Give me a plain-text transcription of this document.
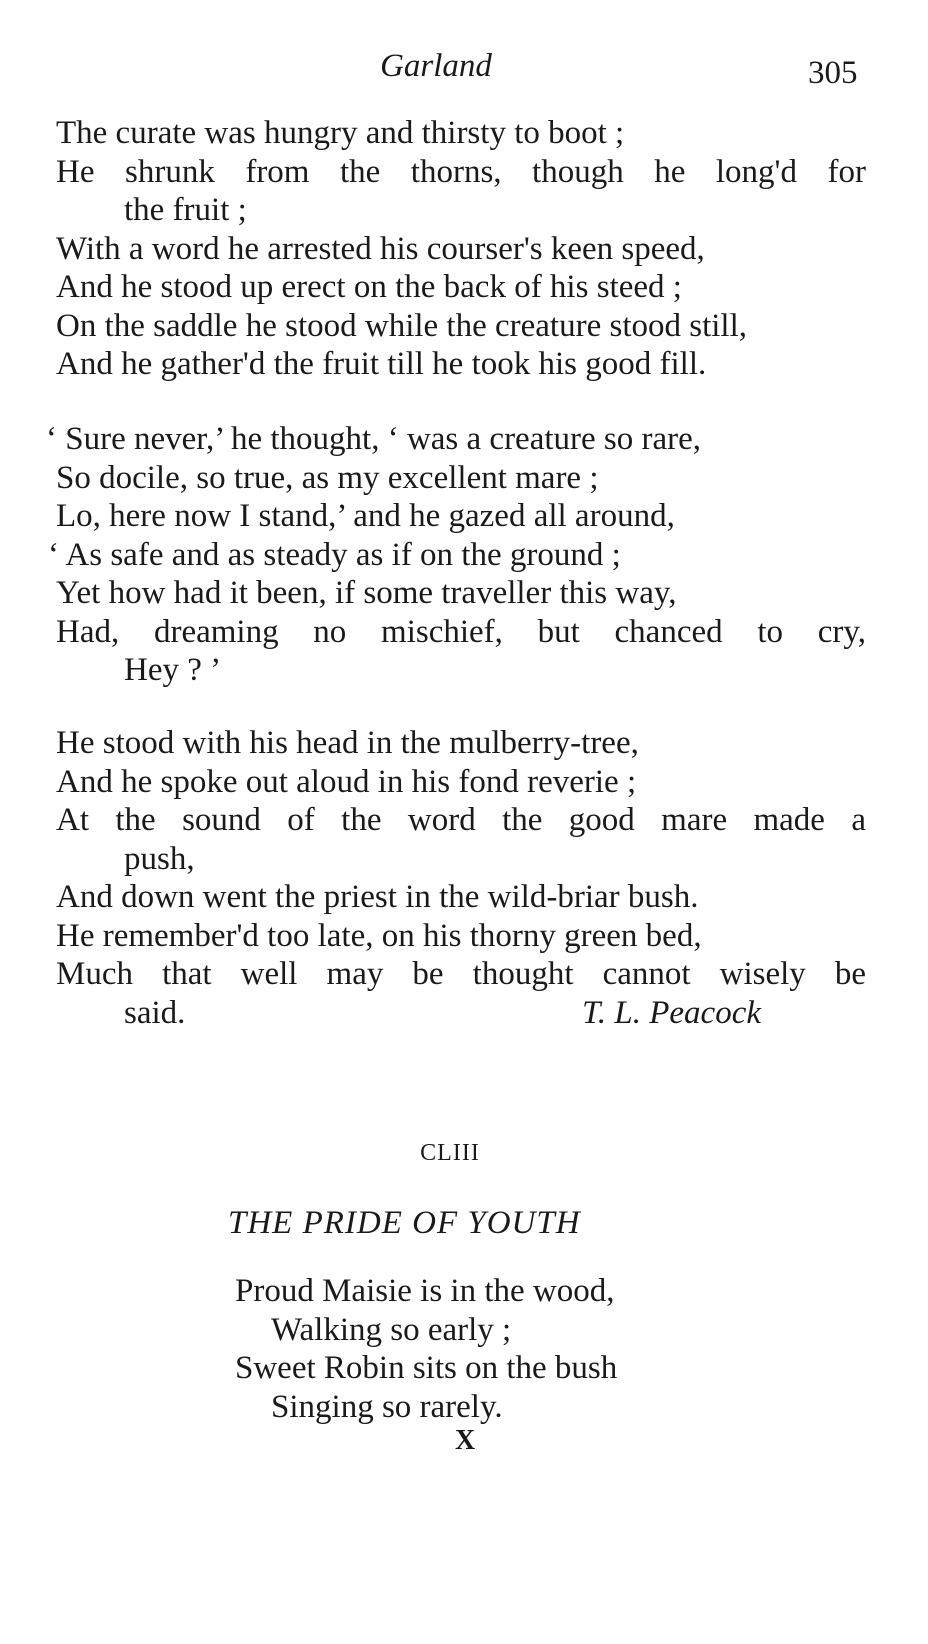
Garland	305
The curate was hungry and thirsty to boot ;
He shrunk from the thorns, though he long'd for
the fruit ;
With a word he arrested his courser's keen speed,
And he stood up erect on the back of his steed ;
On the saddle he stood while the creature stood still,
And he gather'd the fruit till he took his good fill.
‘ Sure never,’ he thought, ‘ was a creature so rare,
So docile, so true, as my excellent mare ;
Lo, here now I stand,’ and he gazed all around,
‘ As safe and as steady as if on the ground ;
Yet how had it been, if some traveller this way,
Had, dreaming no mischief, but chanced to cry,
Hey ? ’
He stood with his head in the mulberry-tree,
And he spoke out aloud in his fond reverie ;
At the sound of the word the good mare made a
push,
And down went the priest in the wild-briar bush.
He remember'd too late, on his thorny green bed,
Much that well may be thought cannot wisely be
said.	T. L. Peacock
CLIII
THE PRIDE OF YOUTH
Proud Maisie is in the wood,
Walking so early ;
Sweet Robin sits on the bush
Singing so rarely.
X
